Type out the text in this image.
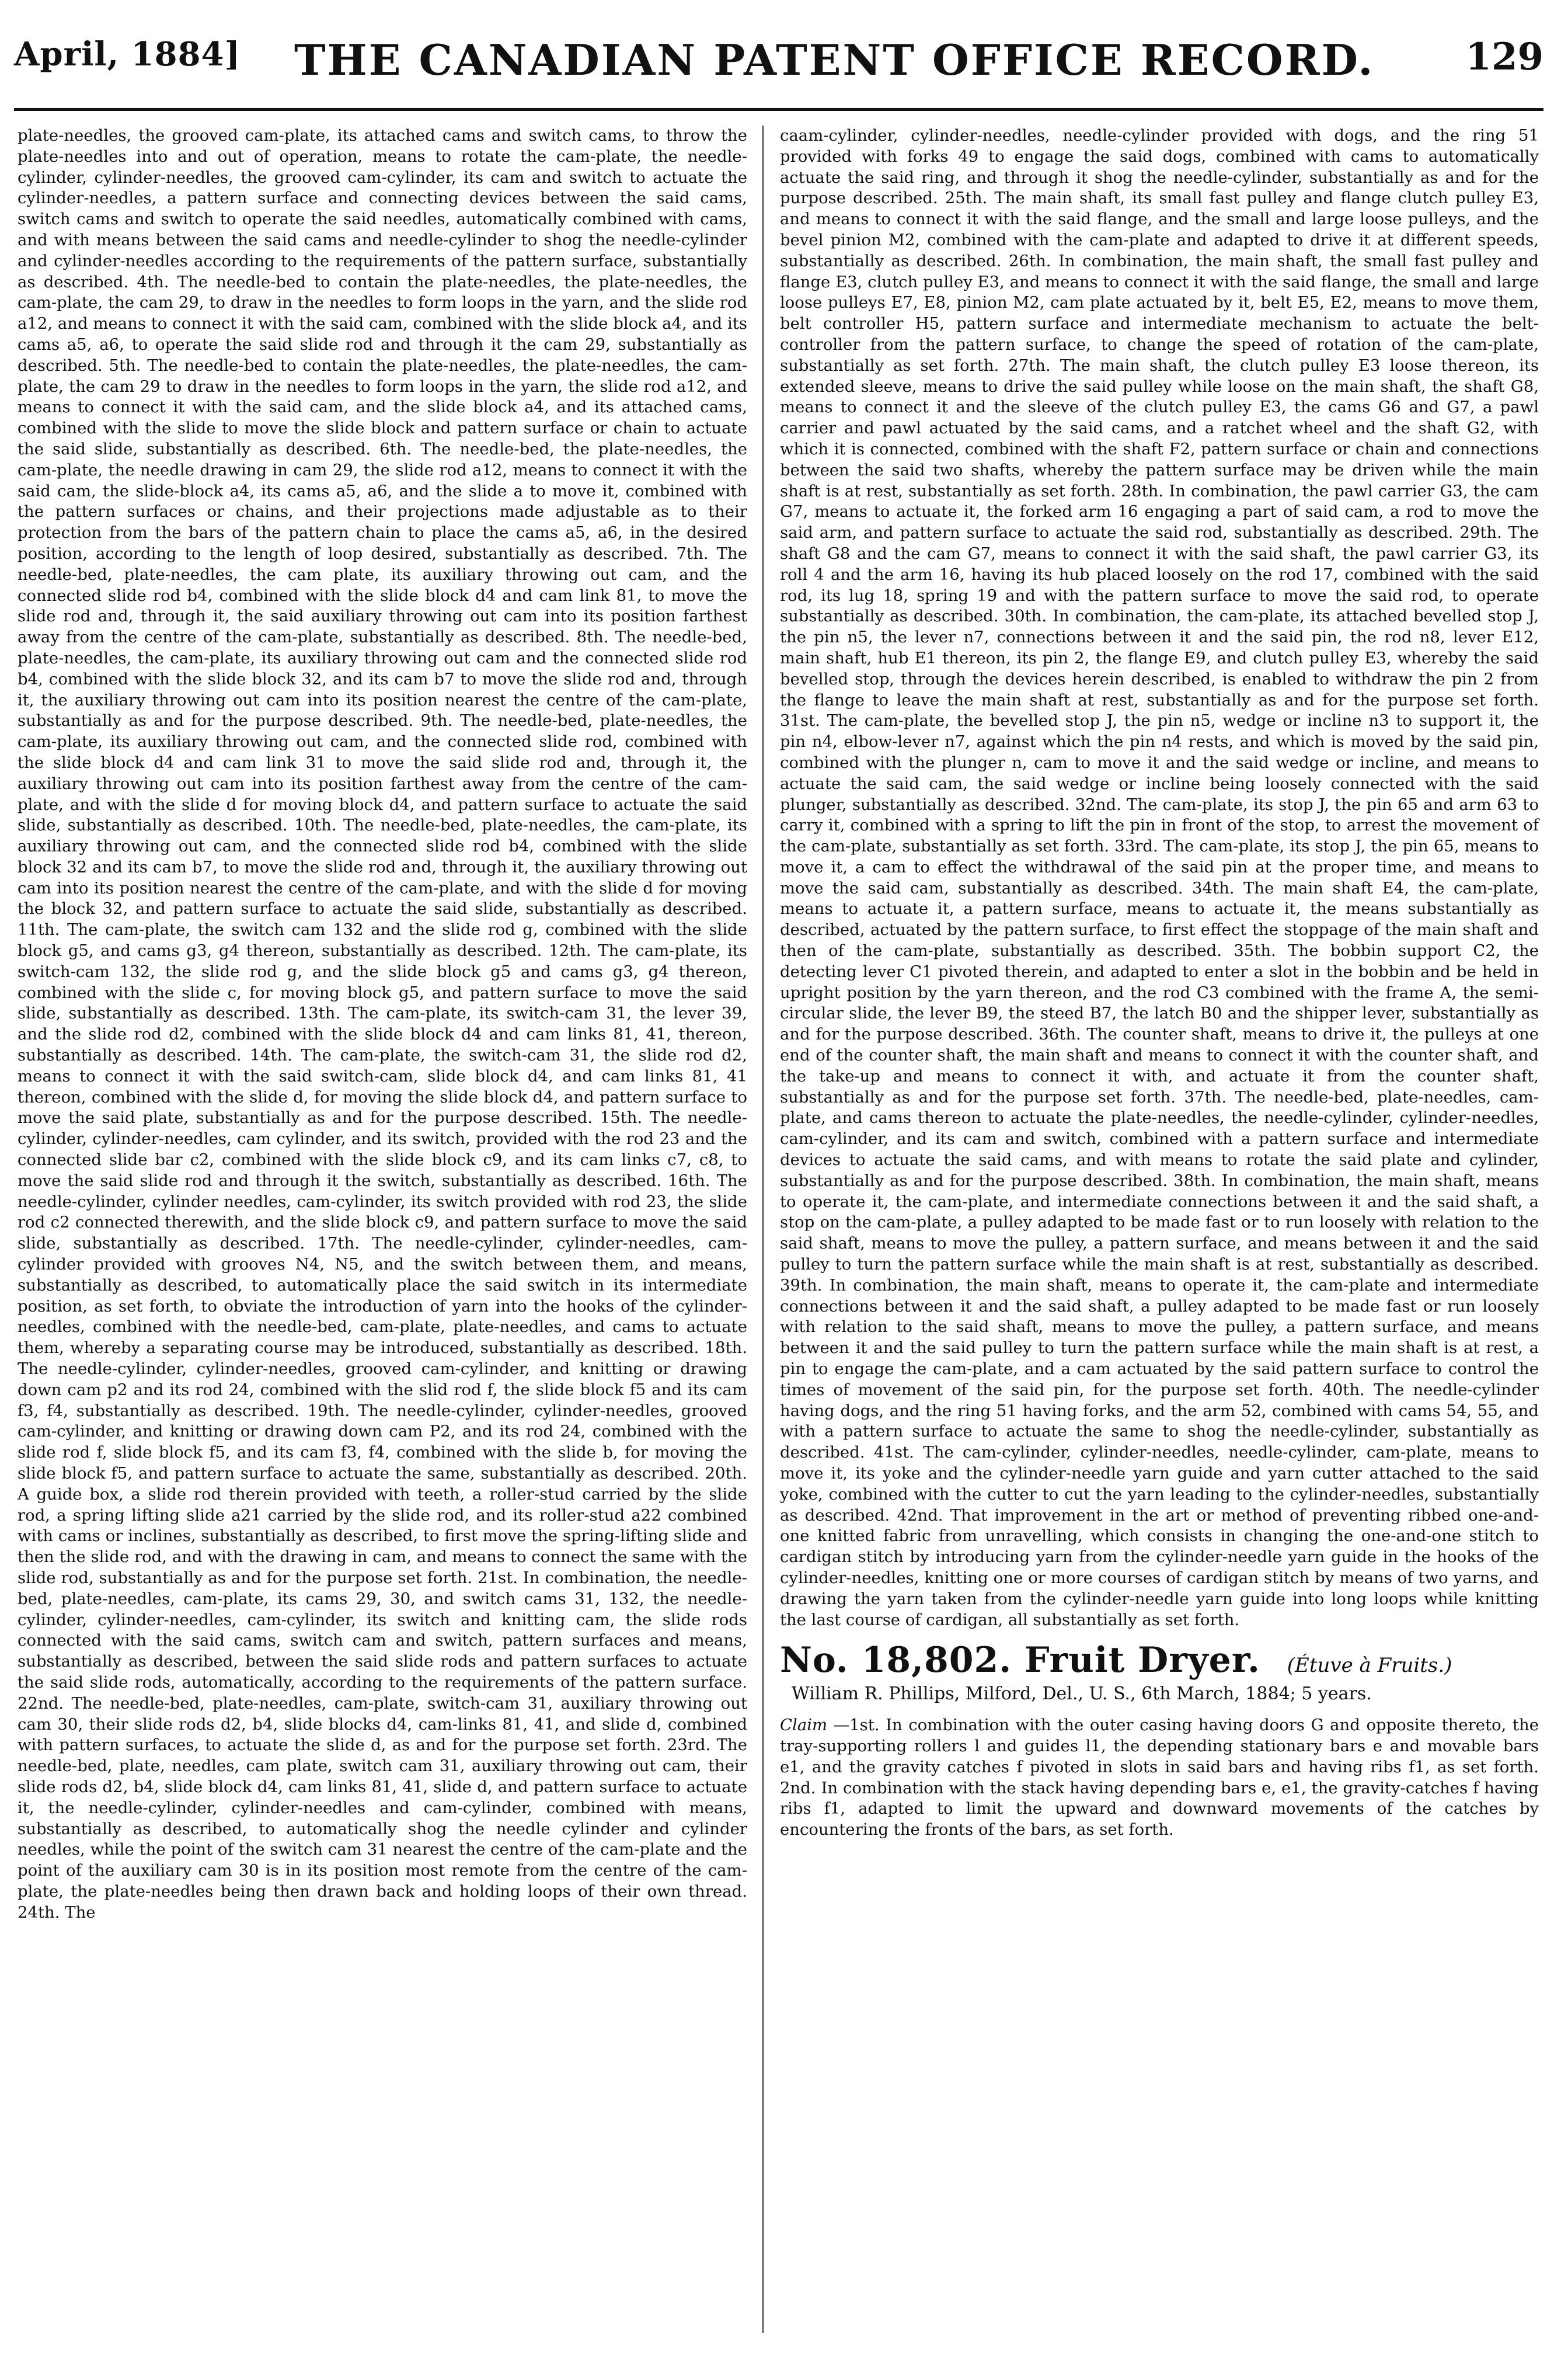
April, 1884] THE CANADIAN PATENT OFFICE RECORD. 129

plate-needles, the grooved cam-plate, its attached cams and switch cams, to throw the plate-needles into and out of operation, means to rotate the cam-plate, the needle-cylinder, cylinder-needles, the grooved cam-cylinder, its cam and switch to actuate the cylinder-needles, a pattern surface and connecting devices between the said cams, switch cams and switch to operate the said needles, automatically combined with cams, and with means between the said cams and needle-cylinder to shog the needle-cylinder and cylinder-needles according to the requirements of the pattern surface, substantially as described. 4th. The needle-bed to contain the plate-needles, the plate-needles, the cam-plate, the cam 29, to draw in the needles to form loops in the yarn, and the slide rod a12, and means to connect it with the said cam, combined with the slide block a4, and its cams a5, a6, to operate the said slide rod and through it the cam 29, substantially as described. 5th. The needle-bed to contain the plate-needles, the plate-needles, the cam-plate, the cam 29 to draw in the needles to form loops in the yarn, the slide rod a12, and means to connect it with the said cam, and the slide block a4, and its attached cams, combined with the slide to move the slide block and pattern surface or chain to actuate the said slide, substantially as described. 6th. The needle-bed, the plate-needles, the cam-plate, the needle drawing in cam 29, the slide rod a12, means to connect it with the said cam, the slide-block a4, its cams a5, a6, and the slide a to move it, combined with the pattern surfaces or chains, and their projections made adjustable as to their protection from the bars of the pattern chain to place the cams a5, a6, in the desired position, according to the length of loop desired, substantially as described. 7th. The needle-bed, plate-needles, the cam plate, its auxiliary throwing out cam, and the connected slide rod b4, combined with the slide block d4 and cam link 81, to move the slide rod and, through it, the said auxiliary throwing out cam into its position farthest away from the centre of the cam-plate, substantially as described. 8th. The needle-bed, plate-needles, the cam-plate, its auxiliary throwing out cam and the connected slide rod b4, combined with the slide block 32, and its cam b7 to move the slide rod and, through it, the auxiliary throwing out cam into its position nearest the centre of the cam-plate, substantially as and for the purpose described. 9th. The needle-bed, plate-needles, the cam-plate, its auxiliary throwing out cam, and the connected slide rod, combined with the slide block d4 and cam link 31 to move the said slide rod and, through it, the auxiliary throwing out cam into its position farthest away from the centre of the cam-plate, and with the slide d for moving block d4, and pattern surface to actuate the said slide, substantially as described. 10th. The needle-bed, plate-needles, the cam-plate, its auxiliary throwing out cam, and the connected slide rod b4, combined with the slide block 32 and its cam b7, to move the slide rod and, through it, the auxiliary throwing out cam into its position nearest the centre of the cam-plate, and with the slide d for moving the block 32, and pattern surface to actuate the said slide, substantially as described. 11th. The cam-plate, the switch cam 132 and the slide rod g, combined with the slide block g5, and cams g3, g4 thereon, substantially as described. 12th. The cam-plate, its switch-cam 132, the slide rod g, and the slide block g5 and cams g3, g4 thereon, combined with the slide c, for moving block g5, and pattern surface to move the said slide, substantially as described. 13th. The cam-plate, its switch-cam 31, the lever 39, and the slide rod d2, combined with the slide block d4 and cam links 81, 41, thereon, substantially as described. 14th. The cam-plate, the switch-cam 31, the slide rod d2, means to connect it with the said switch-cam, slide block d4, and cam links 81, 41 thereon, combined with the slide d, for moving the slide block d4, and pattern surface to move the said plate, substantially as and for the purpose described. 15th. The needle-cylinder, cylinder-needles, cam cylinder, and its switch, provided with the rod 23 and the connected slide bar c2, combined with the slide block c9, and its cam links c7, c8, to move the said slide rod and through it the switch, substantially as described. 16th. The needle-cylinder, cylinder needles, cam-cylinder, its switch provided with rod 23, the slide rod c2 connected therewith, and the slide block c9, and pattern surface to move the said slide, substantially as described. 17th. The needle-cylinder, cylinder-needles, cam-cylinder provided with grooves N4, N5, and the switch between them, and means, substantially as described, to automatically place the said switch in its intermediate position, as set forth, to obviate the introduction of yarn into the hooks of the cylinder-needles, combined with the needle-bed, cam-plate, plate-needles, and cams to actuate them, whereby a separating course may be introduced, substantially as described. 18th. The needle-cylinder, cylinder-needles, grooved cam-cylinder, and knitting or drawing down cam p2 and its rod 24, combined with the slid rod f, the slide block f5 and its cam f3, f4, substantially as described. 19th. The needle-cylinder, cylinder-needles, grooved cam-cylinder, and knitting or drawing down cam P2, and its rod 24, combined with the slide rod f, slide block f5, and its cam f3, f4, combined with the slide b, for moving the slide block f5, and pattern surface to actuate the same, substantially as described. 20th. A guide box, a slide rod therein provided with teeth, a roller-stud carried by the slide rod, a spring lifting slide a21 carried by the slide rod, and its roller-stud a22 combined with cams or inclines, substantially as described, to first move the spring-lifting slide and then the slide rod, and with the drawing in cam, and means to connect the same with the slide rod, substantially as and for the purpose set forth. 21st. In combination, the needle-bed, plate-needles, cam-plate, its cams 29, 30, and switch cams 31, 132, the needle-cylinder, cylinder-needles, cam-cylinder, its switch and knitting cam, the slide rods connected with the said cams, switch cam and switch, pattern surfaces and means, substantially as described, between the said slide rods and pattern surfaces to actuate the said slide rods, automatically, according to the requirements of the pattern surface. 22nd. The needle-bed, plate-needles, cam-plate, switch-cam 31, auxiliary throwing out cam 30, their slide rods d2, b4, slide blocks d4, cam-links 81, 41, and slide d, combined with pattern surfaces, to actuate the slide d, as and for the purpose set forth. 23rd. The needle-bed, plate, needles, cam plate, switch cam 31, auxiliary throwing out cam, their slide rods d2, b4, slide block d4, cam links 81, 41, slide d, and pattern surface to actuate it, the needle-cylinder, cylinder-needles and cam-cylinder, combined with means, substantially as described, to automatically shog the needle cylinder and cylinder needles, while the point of the switch cam 31 nearest the centre of the cam-plate and the point of the auxiliary cam 30 is in its position most remote from the centre of the cam-plate, the plate-needles being then drawn back and holding loops of their own thread. 24th. The

caam-cylinder, cylinder-needles, needle-cylinder provided with dogs, and the ring 51 provided with forks 49 to engage the said dogs, combined with cams to automatically actuate the said ring, and through it shog the needle-cylinder, substantially as and for the purpose described. 25th. The main shaft, its small fast pulley and flange clutch pulley E3, and means to connect it with the said flange, and the small and large loose pulleys, and the bevel pinion M2, combined with the cam-plate and adapted to drive it at different speeds, substantially as described. 26th. In combination, the main shaft, the small fast pulley and flange E3, clutch pulley E3, and means to connect it with the said flange, the small and large loose pulleys E7, E8, pinion M2, cam plate actuated by it, belt E5, E2, means to move them, belt controller H5, pattern surface and intermediate mechanism to actuate the belt-controller from the pattern surface, to change the speed of rotation of the cam-plate, substantially as set forth. 27th. The main shaft, the clutch pulley E3 loose thereon, its extended sleeve, means to drive the said pulley while loose on the main shaft, the shaft G8, means to connect it and the sleeve of the clutch pulley E3, the cams G6 and G7, a pawl carrier and pawl actuated by the said cams, and a ratchet wheel and the shaft G2, with which it is connected, combined with the shaft F2, pattern surface or chain and connections between the said two shafts, whereby the pattern surface may be driven while the main shaft is at rest, substantially as set forth. 28th. In combination, the pawl carrier G3, the cam G7, means to actuate it, the forked arm 16 engaging a part of said cam, a rod to move the said arm, and pattern surface to actuate the said rod, substantially as described. 29th. The shaft G8 and the cam G7, means to connect it with the said shaft, the pawl carrier G3, its roll 4 and the arm 16, having its hub placed loosely on the rod 17, combined with the said rod, its lug 18, spring 19 and with the pattern surface to move the said rod, to operate substantially as described. 30th. In combination, the cam-plate, its attached bevelled stop J, the pin n5, the lever n7, connections between it and the said pin, the rod n8, lever E12, main shaft, hub E1 thereon, its pin 2, the flange E9, and clutch pulley E3, whereby the said bevelled stop, through the devices herein described, is enabled to withdraw the pin 2 from the flange to leave the main shaft at rest, substantially as and for the purpose set forth. 31st. The cam-plate, the bevelled stop J, the pin n5, wedge or incline n3 to support it, the pin n4, elbow-lever n7, against which the pin n4 rests, and which is moved by the said pin, combined with the plunger n, cam to move it and the said wedge or incline, and means to actuate the said cam, the said wedge or incline being loosely connected with the said plunger, substantially as described. 32nd. The cam-plate, its stop J, the pin 65 and arm 63 to carry it, combined with a spring to lift the pin in front of the stop, to arrest the movement of the cam-plate, substantially as set forth. 33rd. The cam-plate, its stop J, the pin 65, means to move it, a cam to effect the withdrawal of the said pin at the proper time, and means to move the said cam, substantially as described. 34th. The main shaft E4, the cam-plate, means to actuate it, a pattern surface, means to actuate it, the means substantially as described, actuated by the pattern surface, to first effect the stoppage of the main shaft and then of the cam-plate, substantially as described. 35th. The bobbin support C2, the detecting lever C1 pivoted therein, and adapted to enter a slot in the bobbin and be held in upright position by the yarn thereon, and the rod C3 combined with the frame A, the semi-circular slide, the lever B9, the steed B7, the latch B0 and the shipper lever, substantially as and for the purpose described. 36th. The counter shaft, means to drive it, the pulleys at one end of the counter shaft, the main shaft and means to connect it with the counter shaft, and the take-up and means to connect it with, and actuate it from the counter shaft, substantially as and for the purpose set forth. 37th. The needle-bed, plate-needles, cam-plate, and cams thereon to actuate the plate-needles, the needle-cylinder, cylinder-needles, cam-cylinder, and its cam and switch, combined with a pattern surface and intermediate devices to actuate the said cams, and with means to rotate the said plate and cylinder, substantially as and for the purpose described. 38th. In combination, the main shaft, means to operate it, the cam-plate, and intermediate connections between it and the said shaft, a stop on the cam-plate, a pulley adapted to be made fast or to run loosely with relation to the said shaft, means to move the pulley, a pattern surface, and means between it and the said pulley to turn the pattern surface while the main shaft is at rest, substantially as described. 39th. In combination, the main shaft, means to operate it, the cam-plate and intermediate connections between it and the said shaft, a pulley adapted to be made fast or run loosely with relation to the said shaft, means to move the pulley, a pattern surface, and means between it and the said pulley to turn the pattern surface while the main shaft is at rest, a pin to engage the cam-plate, and a cam actuated by the said pattern surface to control the times of movement of the said pin, for the purpose set forth. 40th. The needle-cylinder having dogs, and the ring 51 having forks, and the arm 52, combined with cams 54, 55, and with a pattern surface to actuate the same to shog the needle-cylinder, substantially as described. 41st. The cam-cylinder, cylinder-needles, needle-cylinder, cam-plate, means to move it, its yoke and the cylinder-needle yarn guide and yarn cutter attached to the said yoke, combined with the cutter to cut the yarn leading to the cylinder-needles, substantially as described. 42nd. That improvement in the art or method of preventing ribbed one-and-one knitted fabric from unravelling, which consists in changing the one-and-one stitch to cardigan stitch by introducing yarn from the cylinder-needle yarn guide in the hooks of the cylinder-needles, knitting one or more courses of cardigan stitch by means of two yarns, and drawing the yarn taken from the cylinder-needle yarn guide into long loops while knitting the last course of cardigan, all substantially as set forth.

No. 18,802. Fruit Dryer. (Étuve à Fruits.)
William R. Phillips, Milford, Del., U. S., 6th March, 1884; 5 years.

Claim —1st. In combination with the outer casing having doors G and opposite thereto, the tray-supporting rollers l and guides l1, the depending stationary bars e and movable bars e1, and the gravity catches f pivoted in slots in said bars and having ribs f1, as set forth. 2nd. In combination with the stack having depending bars e, e1, the gravity-catches f having ribs f1, adapted to limit the upward and downward movements of the catches by encountering the fronts of the bars, as set forth.
